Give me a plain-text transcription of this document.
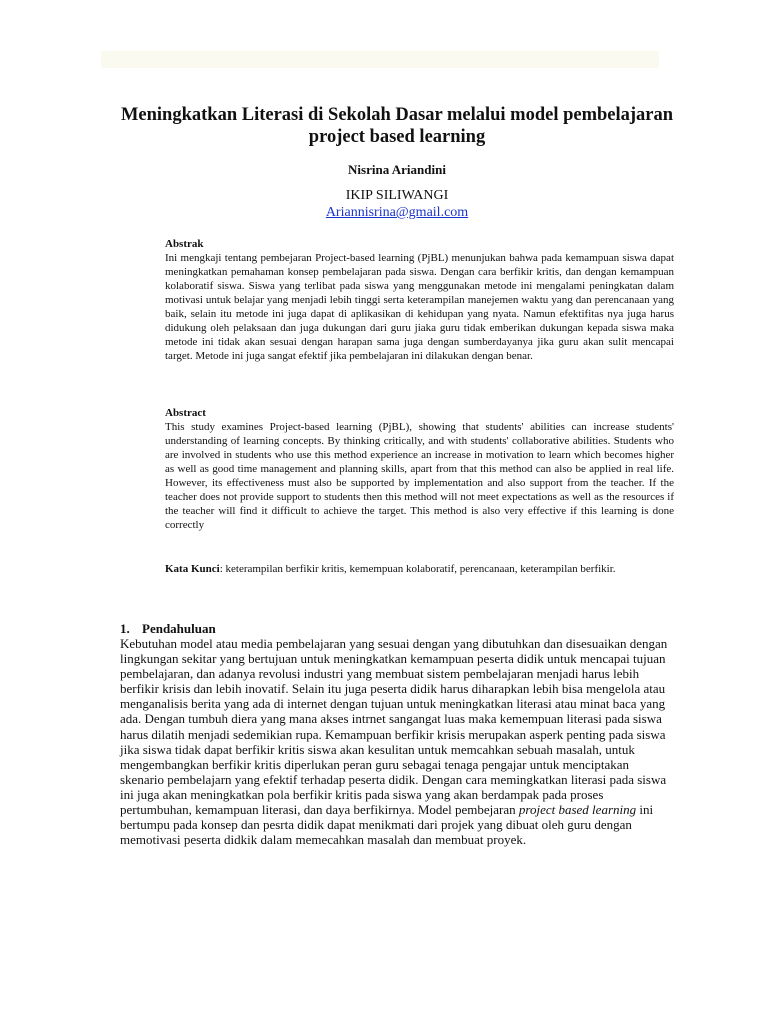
Meningkatkan Literasi di Sekolah Dasar melalui model pembelajaran project based learning
Nisrina Ariandini
IKIP SILIWANGI
Ariannisrina@gmail.com
Abstrak
Ini mengkaji tentang pembejaran Project-based learning (PjBL) menunjukan bahwa pada kemampuan siswa dapat meningkatkan pemahaman konsep pembelajaran pada siswa. Dengan cara berfikir kritis, dan dengan kemampuan kolaboratif siswa. Siswa yang terlibat pada siswa yang menggunakan metode ini mengalami peningkatan dalam motivasi untuk belajar yang menjadi lebih tinggi serta keterampilan manejemen waktu yang dan perencanaan yang baik, selain itu metode ini juga dapat di aplikasikan di kehidupan yang nyata. Namun efektifitas nya juga harus didukung oleh pelaksaan dan juga dukungan dari guru jiaka guru tidak emberikan dukungan kepada siswa maka metode ini tidak akan sesuai dengan harapan sama juga dengan sumberdayanya jika guru akan sulit mencapai target. Metode ini juga sangat efektif jika pembelajaran ini dilakukan dengan benar.
Abstract
This study examines Project-based learning (PjBL), showing that students' abilities can increase students' understanding of learning concepts. By thinking critically, and with students' collaborative abilities. Students who are involved in students who use this method experience an increase in motivation to learn which becomes higher as well as good time management and planning skills, apart from that this method can also be applied in real life. However, its effectiveness must also be supported by implementation and also support from the teacher. If the teacher does not provide support to students then this method will not meet expectations as well as the resources if the teacher will find it difficult to achieve the target. This method is also very effective if this learning is done correctly
Kata Kunci: keterampilan berfikir kritis, kemempuan kolaboratif, perencanaan, keterampilan berfikir.
1. Pendahuluan
Kebutuhan model atau media pembelajaran yang sesuai dengan yang dibutuhkan dan disesuaikan dengan lingkungan sekitar yang bertujuan untuk meningkatkan kemampuan peserta didik untuk mencapai tujuan pembelajaran, dan adanya revolusi industri yang membuat sistem pembelajaran menjadi harus lebih berfikir krisis dan lebih inovatif. Selain itu juga peserta didik harus diharapkan lebih bisa mengelola atau menganalisis berita yang ada di internet dengan tujuan untuk meningkatkan literasi atau minat baca yang ada. Dengan tumbuh diera yang mana akses intrnet sangangat luas maka kemempuan literasi pada siswa harus dilatih menjadi sedemikian rupa. Kemampuan berfikir krisis merupakan asperk penting pada siswa jika siswa tidak dapat berfikir kritis siswa akan kesulitan untuk memcahkan sebuah masalah, untuk mengembangkan berfikir kritis diperlukan peran guru sebagai tenaga pengajar untuk menciptakan skenario pembelajarn yang efektif terhadap peserta didik. Dengan cara memingkatkan literasi pada siswa ini juga akan meningkatkan pola berfikir kritis pada siswa yang akan berdampak pada proses pertumbuhan, kemampuan literasi, dan daya berfikirnya. Model pembejaran project based learning ini bertumpu pada konsep dan pesrta didik dapat menikmati dari projek yang dibuat oleh guru dengan memotivasi peserta didkik dalam memecahkan masalah dan membuat proyek.
